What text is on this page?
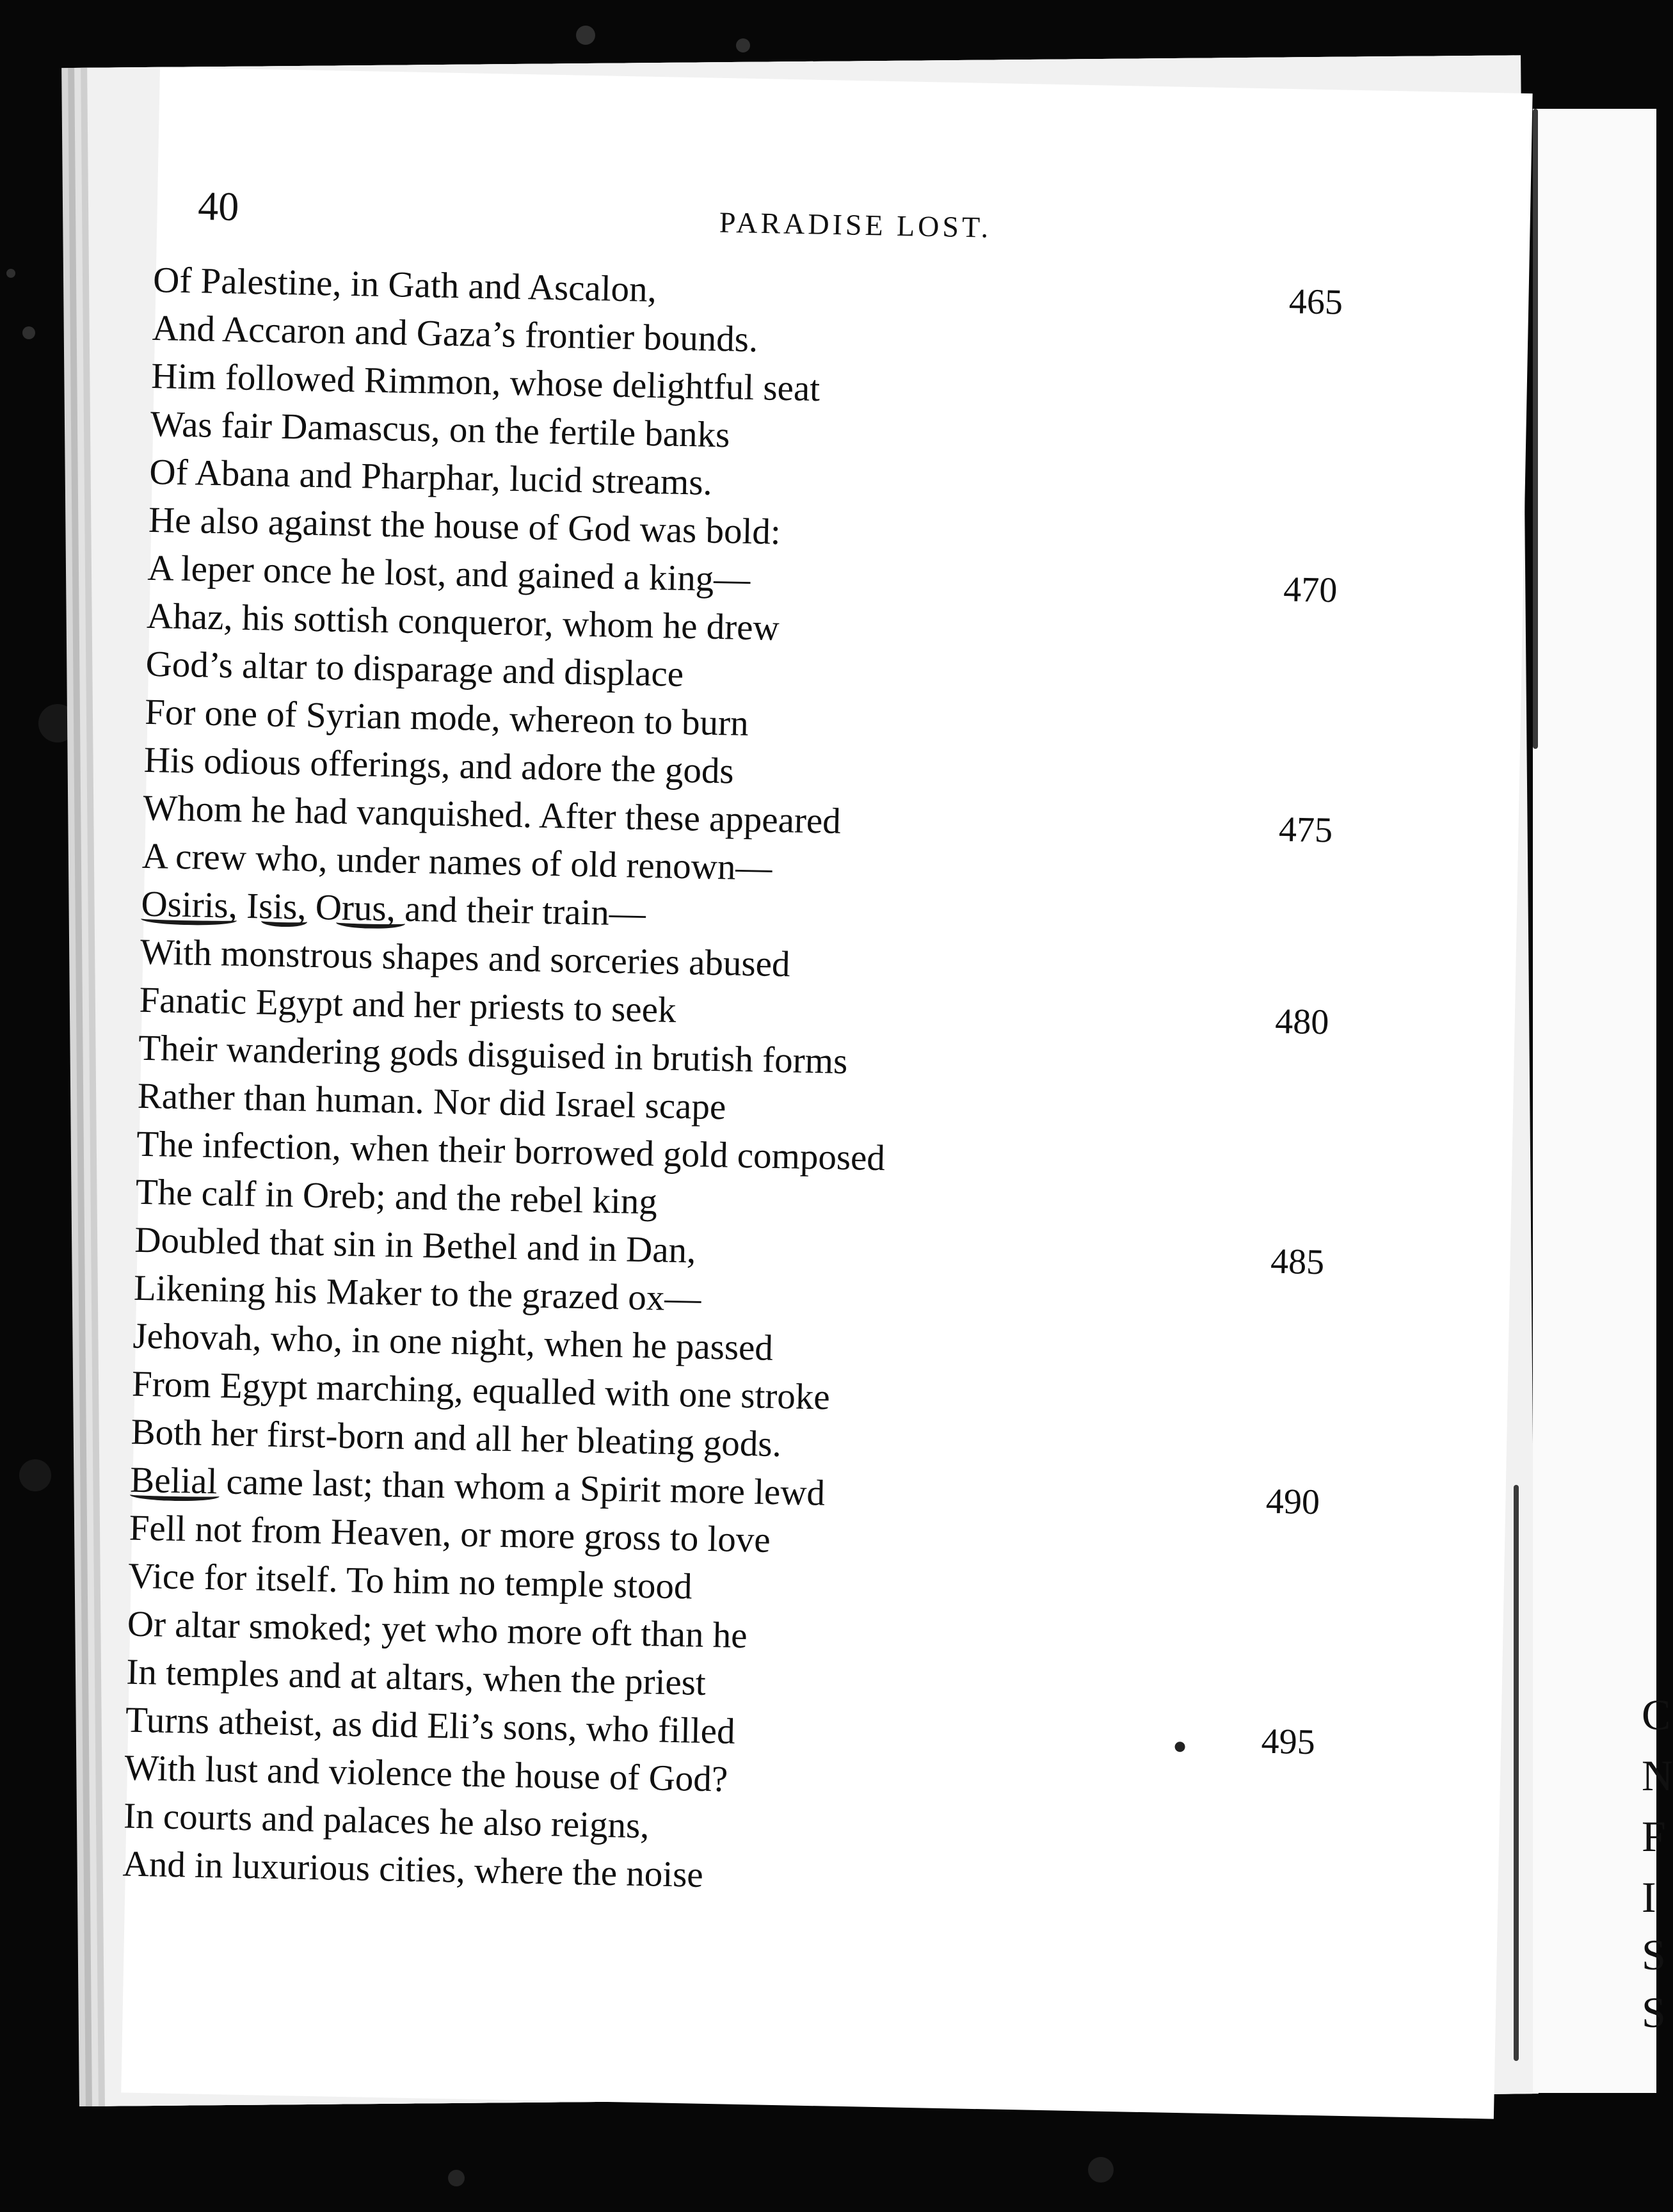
C
N
F
I
S
S
40	PARADISE LOST.
Of Palestine, in Gath and Ascalon,	465
And Accaron and Gaza’s frontier bounds.
Him followed Rimmon, whose delightful seat
Was fair Damascus, on the fertile banks
Of Abana and Pharphar, lucid streams.
He also against the house of God was bold:
A leper once he lost, and gained a king—	470
Ahaz, his sottish conqueror, whom he drew
God’s altar to disparage and displace
For one of Syrian mode, whereon to burn
His odious offerings, and adore the gods
Whom he had vanquished. After these appeared	475
A crew who, under names of old renown—
Osiris, Isis, Orus, and their train—
With monstrous shapes and sorceries abused
Fanatic Egypt and her priests to seek	480
Their wandering gods disguised in brutish forms
Rather than human. Nor did Israel scape
The infection, when their borrowed gold composed
The calf in Oreb; and the rebel king
Doubled that sin in Bethel and in Dan,	485
Likening his Maker to the grazed ox—
Jehovah, who, in one night, when he passed
From Egypt marching, equalled with one stroke
Both her first-born and all her bleating gods.
Belial came last; than whom a Spirit more lewd	490
Fell not from Heaven, or more gross to love
Vice for itself. To him no temple stood
Or altar smoked; yet who more oft than he
In temples and at altars, when the priest
Turns atheist, as did Eli’s sons, who filled	495
With lust and violence the house of God?
In courts and palaces he also reigns,
And in luxurious cities, where the noise
